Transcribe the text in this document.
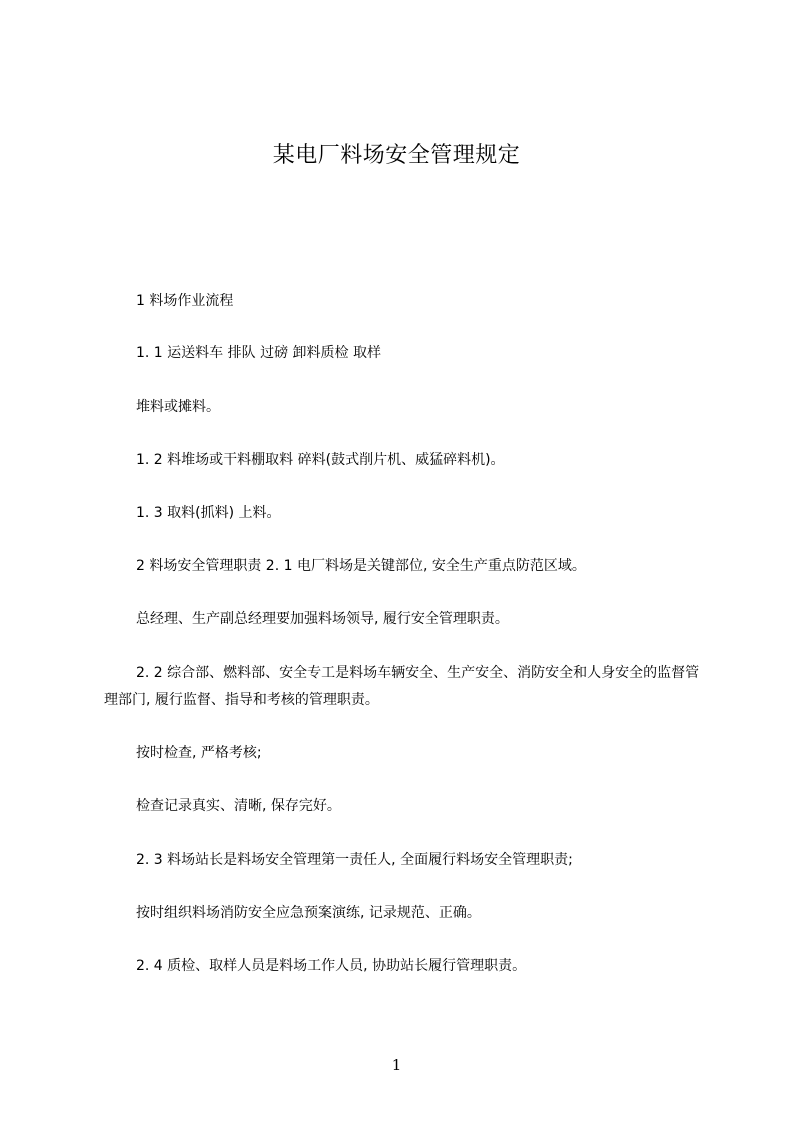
某电厂料场安全管理规定
1 料场作业流程
1. 1 运送料车 排队 过磅 卸料质检 取样
堆料或摊料。
1. 2 料堆场或干料棚取料 碎料(鼓式削片机、威猛碎料机)。
1. 3 取料(抓料) 上料。
2 料场安全管理职责 2. 1 电厂料场是关键部位, 安全生产重点防范区域。
总经理、生产副总经理要加强料场领导, 履行安全管理职责。
2. 2 综合部、燃料部、安全专工是料场车辆安全、生产安全、消防安全和人身安全的监督管理部门, 履行监督、指导和考核的管理职责。
按时检查, 严格考核;
检查记录真实、清晰, 保存完好。
2. 3 料场站长是料场安全管理第一责任人, 全面履行料场安全管理职责;
按时组织料场消防安全应急预案演练, 记录规范、正确。
2. 4 质检、取样人员是料场工作人员, 协助站长履行管理职责。
1
